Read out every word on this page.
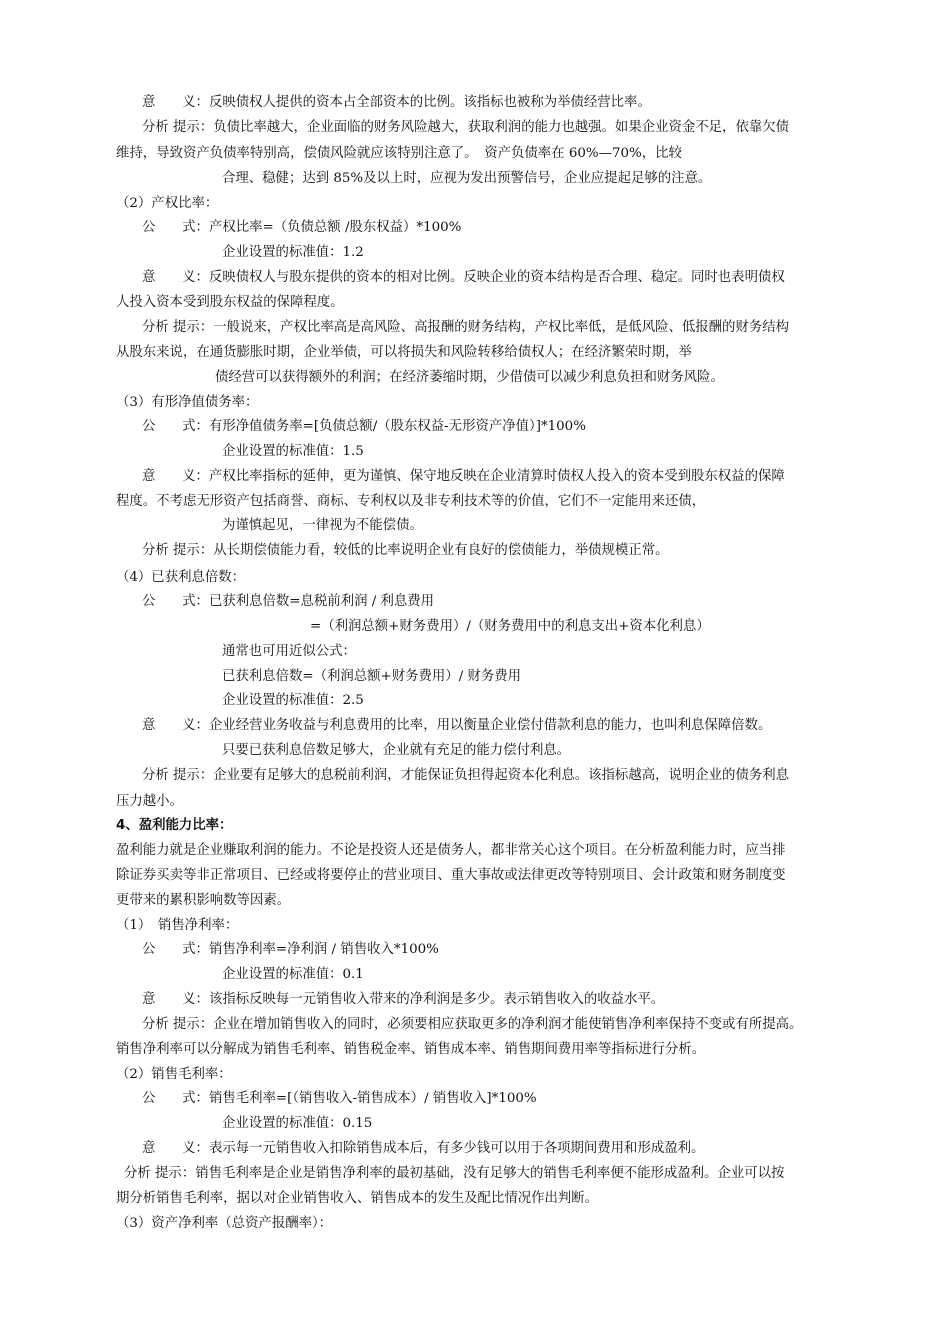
意　　义：反映债权人提供的资本占全部资本的比例。该指标也被称为举债经营比率。
分析 提示：负债比率越大，企业面临的财务风险越大，获取利润的能力也越强。如果企业资金不足，依靠欠债
维持，导致资产负债率特别高，偿债风险就应该特别注意了。　资产负债率在 60%—70%，比较
合理、稳健；达到 85%及以上时，应视为发出预警信号，企业应提起足够的注意。
（2）产权比率：
公　　式：产权比率=（负债总额 /股东权益）*100%
企业设置的标准值：1.2
意　　义：反映债权人与股东提供的资本的相对比例。反映企业的资本结构是否合理、稳定。同时也表明债权
人投入资本受到股东权益的保障程度。
分析 提示：一般说来，产权比率高是高风险、高报酬的财务结构，产权比率低，是低风险、低报酬的财务结构
从股东来说，在通货膨胀时期，企业举债，可以将损失和风险转移给债权人；在经济繁荣时期，举
债经营可以获得额外的利润；在经济萎缩时期，少借债可以减少利息负担和财务风险。
（3）有形净值债务率：
公　　式：有形净值债务率=[负债总额/（股东权益-无形资产净值）]*100%
企业设置的标准值：1.5
意　　义：产权比率指标的延伸，更为谨慎、保守地反映在企业清算时债权人投入的资本受到股东权益的保障
程度。不考虑无形资产包括商誉、商标、专利权以及非专利技术等的价值，它们不一定能用来还债，
为谨慎起见，一律视为不能偿债。
分析 提示：从长期偿债能力看，较低的比率说明企业有良好的偿债能力，举债规模正常。
（4）已获利息倍数：
公　　式：已获利息倍数=息税前利润 / 利息费用
=（利润总额+财务费用）/（财务费用中的利息支出+资本化利息）
通常也可用近似公式：
已获利息倍数=（利润总额+财务费用）/ 财务费用
企业设置的标准值：2.5
意　　义：企业经营业务收益与利息费用的比率，用以衡量企业偿付借款利息的能力，也叫利息保障倍数。
只要已获利息倍数足够大，企业就有充足的能力偿付利息。
分析 提示：企业要有足够大的息税前利润，才能保证负担得起资本化利息。该指标越高，说明企业的债务利息
压力越小。
4、盈利能力比率：
盈利能力就是企业赚取利润的能力。不论是投资人还是债务人，都非常关心这个项目。在分析盈利能力时，应当排
除证券买卖等非正常项目、已经或将要停止的营业项目、重大事故或法律更改等特别项目、会计政策和财务制度变
更带来的累积影响数等因素。
（1）　销售净利率：
公　　式：销售净利率=净利润 / 销售收入*100%
企业设置的标准值：0.1
意　　义：该指标反映每一元销售收入带来的净利润是多少。表示销售收入的收益水平。
分析 提示：企业在增加销售收入的同时，必须要相应获取更多的净利润才能使销售净利率保持不变或有所提高。
销售净利率可以分解成为销售毛利率、销售税金率、销售成本率、销售期间费用率等指标进行分析。
（2）销售毛利率：
公　　式：销售毛利率=[（销售收入-销售成本）/ 销售收入]*100%
企业设置的标准值：0.15
意　　义：表示每一元销售收入扣除销售成本后，有多少钱可以用于各项期间费用和形成盈利。
分析 提示：销售毛利率是企业是销售净利率的最初基础，没有足够大的销售毛利率便不能形成盈利。企业可以按
期分析销售毛利率，据以对企业销售收入、销售成本的发生及配比情况作出判断。
（3）资产净利率（总资产报酬率）：
